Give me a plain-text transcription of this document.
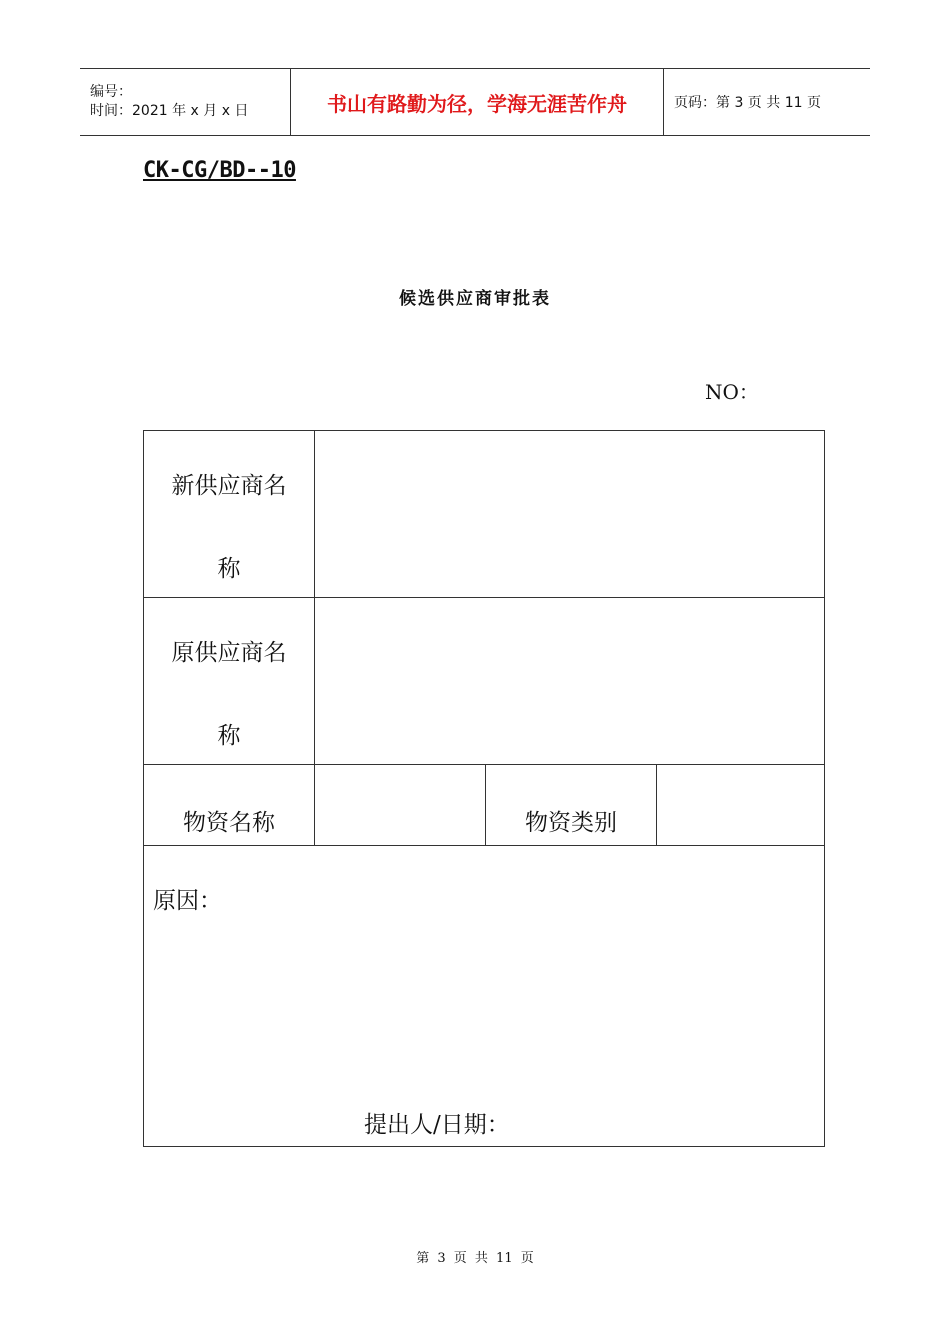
编号：
时间：2021 年 x 月 x 日	书山有路勤为径，学海无涯苦作舟	页码：第 3 页 共 11 页
CK-CG/BD--10
候选供应商审批表
NO：
新供应商名
称			

原供应商名
称			

物资名称		物资类别	

原因：
提出人/日期：			
第 3 页 共 11 页
